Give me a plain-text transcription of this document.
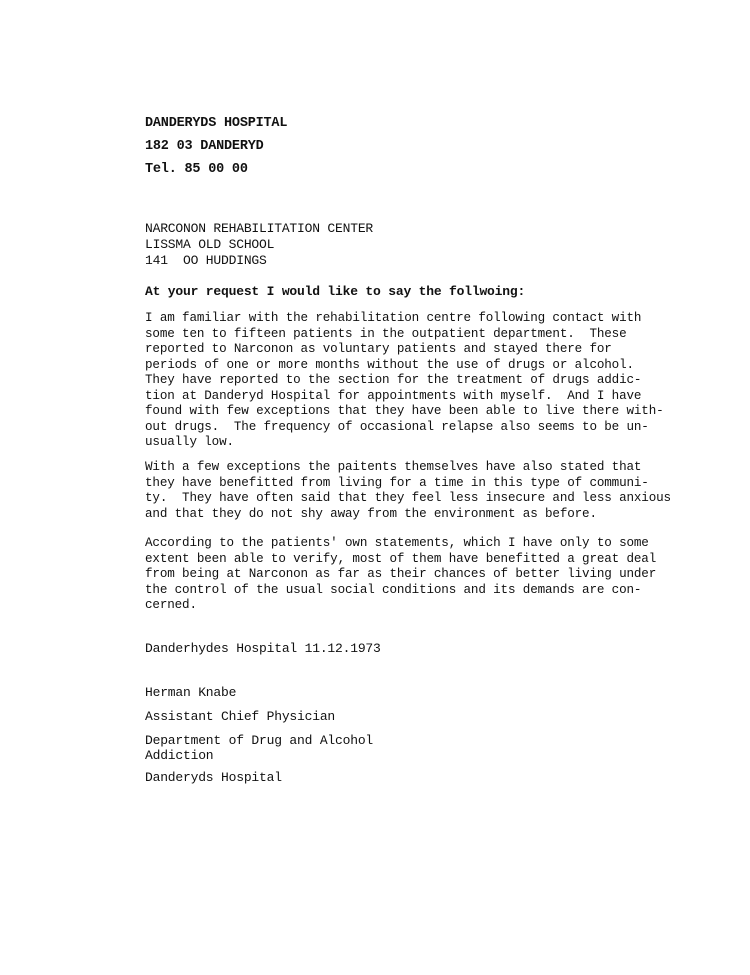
DANDERYDS HOSPITAL
182 03 DANDERYD
Tel. 85 00 00
NARCONON REHABILITATION CENTER
LISSMA OLD SCHOOL
141  OO HUDDINGS
At your request I would like to say the follwoing:
I am familiar with the rehabilitation centre following contact with
some ten to fifteen patients in the outpatient department.  These
reported to Narconon as voluntary patients and stayed there for
periods of one or more months without the use of drugs or alcohol.
They have reported to the section for the treatment of drugs addic-
tion at Danderyd Hospital for appointments with myself.  And I have
found with few exceptions that they have been able to live there with-
out drugs.  The frequency of occasional relapse also seems to be un-
usually low.
With a few exceptions the paitents themselves have also stated that
they have benefitted from living for a time in this type of communi-
ty.  They have often said that they feel less insecure and less anxious
and that they do not shy away from the environment as before.
According to the patients' own statements, which I have only to some
extent been able to verify, most of them have benefitted a great deal
from being at Narconon as far as their chances of better living under
the control of the usual social conditions and its demands are con-
cerned.
Danderhydes Hospital 11.12.1973
Herman Knabe
Assistant Chief Physician
Department of Drug and Alcohol
Addiction
Danderyds Hospital
